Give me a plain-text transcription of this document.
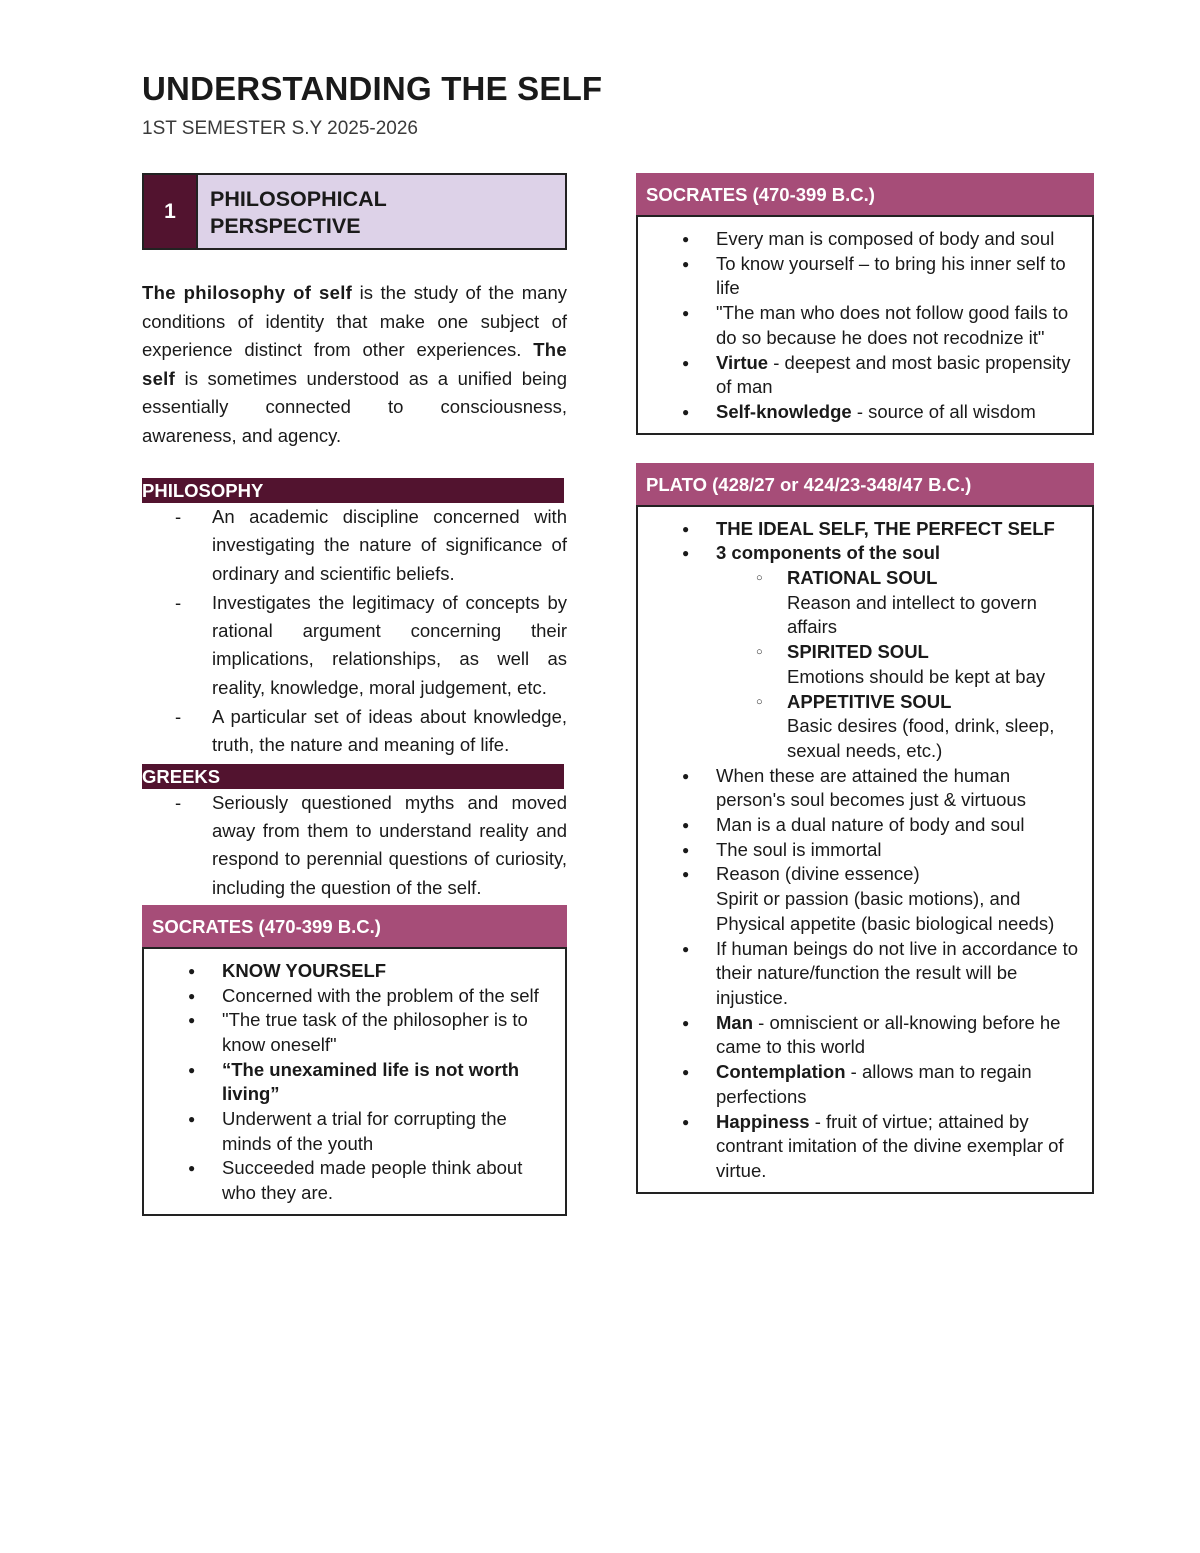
UNDERSTANDING THE SELF
1ST SEMESTER S.Y 2025-2026
1	PHILOSOPHICAL
PERSPECTIVE

The philosophy of self is the study of the many conditions of identity that make one subject of experience distinct from other experiences. The self is sometimes understood as a unified being essentially connected to consciousness, awareness, and agency.

PHILOSOPHY
- An academic discipline concerned with investigating the nature of significance of ordinary and scientific beliefs.
- Investigates the legitimacy of concepts by rational argument concerning their implications, relationships, as well as reality, knowledge, moral judgement, etc.
- A particular set of ideas about knowledge, truth, the nature and meaning of life.
GREEKS
- Seriously questioned myths and moved away from them to understand reality and respond to perennial questions of curiosity, including the question of the self.
SOCRATES (470-399 B.C.)
● KNOW YOURSELF
● Concerned with the problem of the self
● "The true task of the philosopher is to know oneself"
● “The unexamined life is not worth living”
● Underwent a trial for corrupting the minds of the youth
● Succeeded made people think about who they are.
SOCRATES (470-399 B.C.)
● Every man is composed of body and soul
● To know yourself – to bring his inner self to life
● "The man who does not follow good fails to do so because he does not recodnize it"
● Virtue - deepest and most basic propensity of man
● Self-knowledge - source of all wisdom
PLATO (428/27 or 424/23-348/47 B.C.)
● THE IDEAL SELF, THE PERFECT SELF
● 3 components of the soul
○ RATIONAL SOUL
Reason and intellect to govern affairs
○ SPIRITED SOUL
Emotions should be kept at bay
○ APPETITIVE SOUL
Basic desires (food, drink, sleep, sexual needs, etc.)
● When these are attained the human person's soul becomes just & virtuous
● Man is a dual nature of body and soul
● The soul is immortal
● Reason (divine essence)
Spirit or passion (basic motions), and Physical appetite (basic biological needs)
● If human beings do not live in accordance to their nature/function the result will be injustice.
● Man - omniscient or all-knowing before he came to this world
● Contemplation - allows man to regain perfections
● Happiness - fruit of virtue; attained by contrant imitation of the divine exemplar of virtue.
